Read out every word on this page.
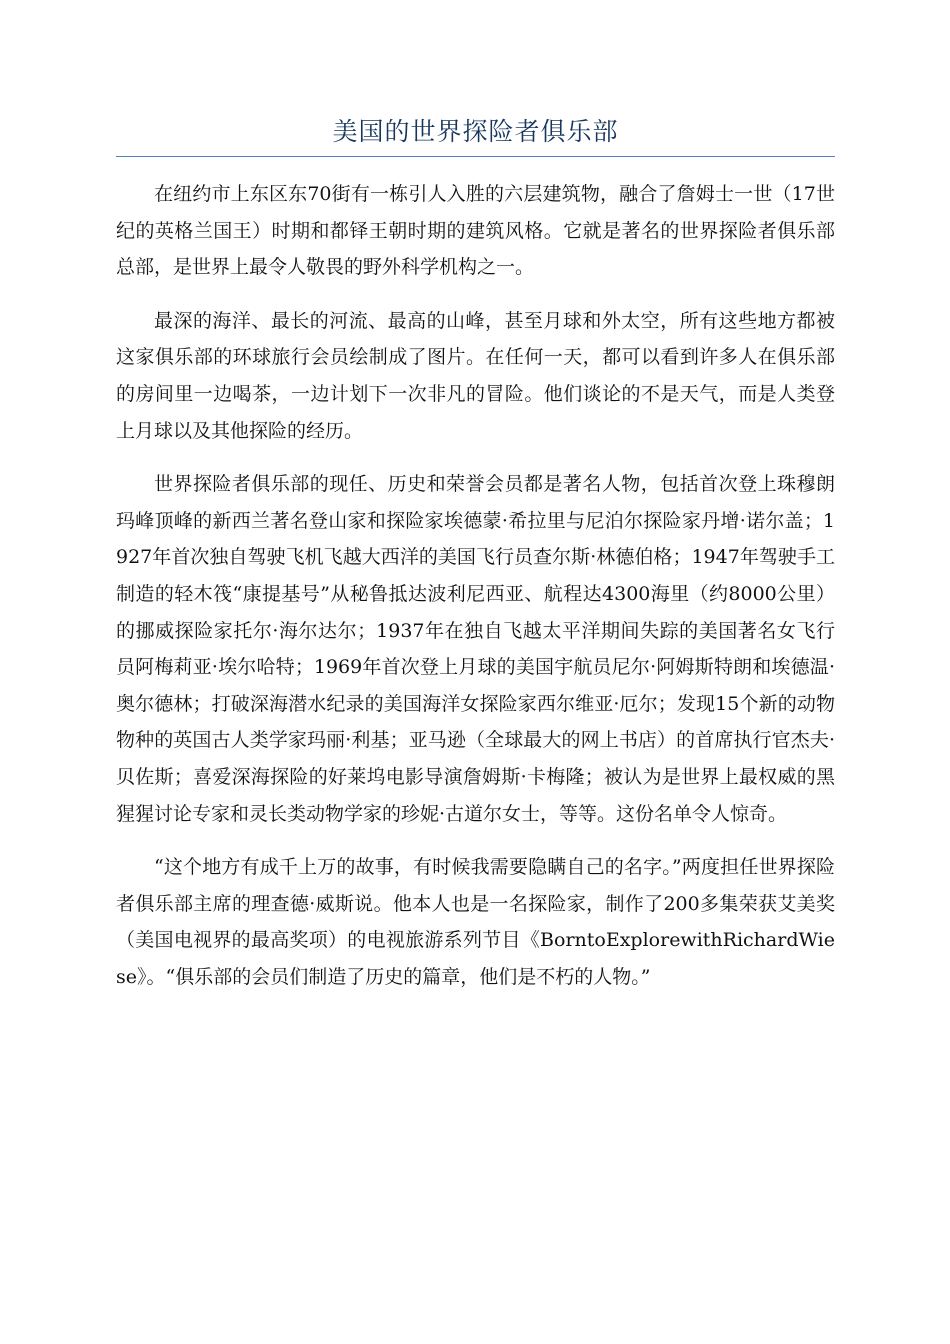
美国的世界探险者俱乐部

在纽约市上东区东70街有一栋引人入胜的六层建筑物，融合了詹姆士一世（17世纪的英格兰国王）时期和都铎王朝时期的建筑风格。它就是著名的世界探险者俱乐部总部，是世界上最令人敬畏的野外科学机构之一。

最深的海洋、最长的河流、最高的山峰，甚至月球和外太空，所有这些地方都被这家俱乐部的环球旅行会员绘制成了图片。在任何一天，都可以看到许多人在俱乐部的房间里一边喝茶，一边计划下一次非凡的冒险。他们谈论的不是天气，而是人类登上月球以及其他探险的经历。

世界探险者俱乐部的现任、历史和荣誉会员都是著名人物，包括首次登上珠穆朗玛峰顶峰的新西兰著名登山家和探险家埃德蒙·希拉里与尼泊尔探险家丹增·诺尔盖；1927年首次独自驾驶飞机飞越大西洋的美国飞行员查尔斯·林德伯格；1947年驾驶手工制造的轻木筏“康提基号”从秘鲁抵达波利尼西亚、航程达4300海里（约8000公里）的挪威探险家托尔·海尔达尔；1937年在独自飞越太平洋期间失踪的美国著名女飞行员阿梅莉亚·埃尔哈特；1969年首次登上月球的美国宇航员尼尔·阿姆斯特朗和埃德温·奥尔德林；打破深海潜水纪录的美国海洋女探险家西尔维亚·厄尔；发现15个新的动物物种的英国古人类学家玛丽·利基；亚马逊（全球最大的网上书店）的首席执行官杰夫·贝佐斯；喜爱深海探险的好莱坞电影导演詹姆斯·卡梅隆；被认为是世界上最权威的黑猩猩讨论专家和灵长类动物学家的珍妮·古道尔女士，等等。这份名单令人惊奇。

“这个地方有成千上万的故事，有时候我需要隐瞒自己的名字。”两度担任世界探险者俱乐部主席的理查德·威斯说。他本人也是一名探险家，制作了200多集荣获艾美奖（美国电视界的最高奖项）的电视旅游系列节目《BorntoExplorewithRichardWiese》。“俱乐部的会员们制造了历史的篇章，他们是不朽的人物。”
